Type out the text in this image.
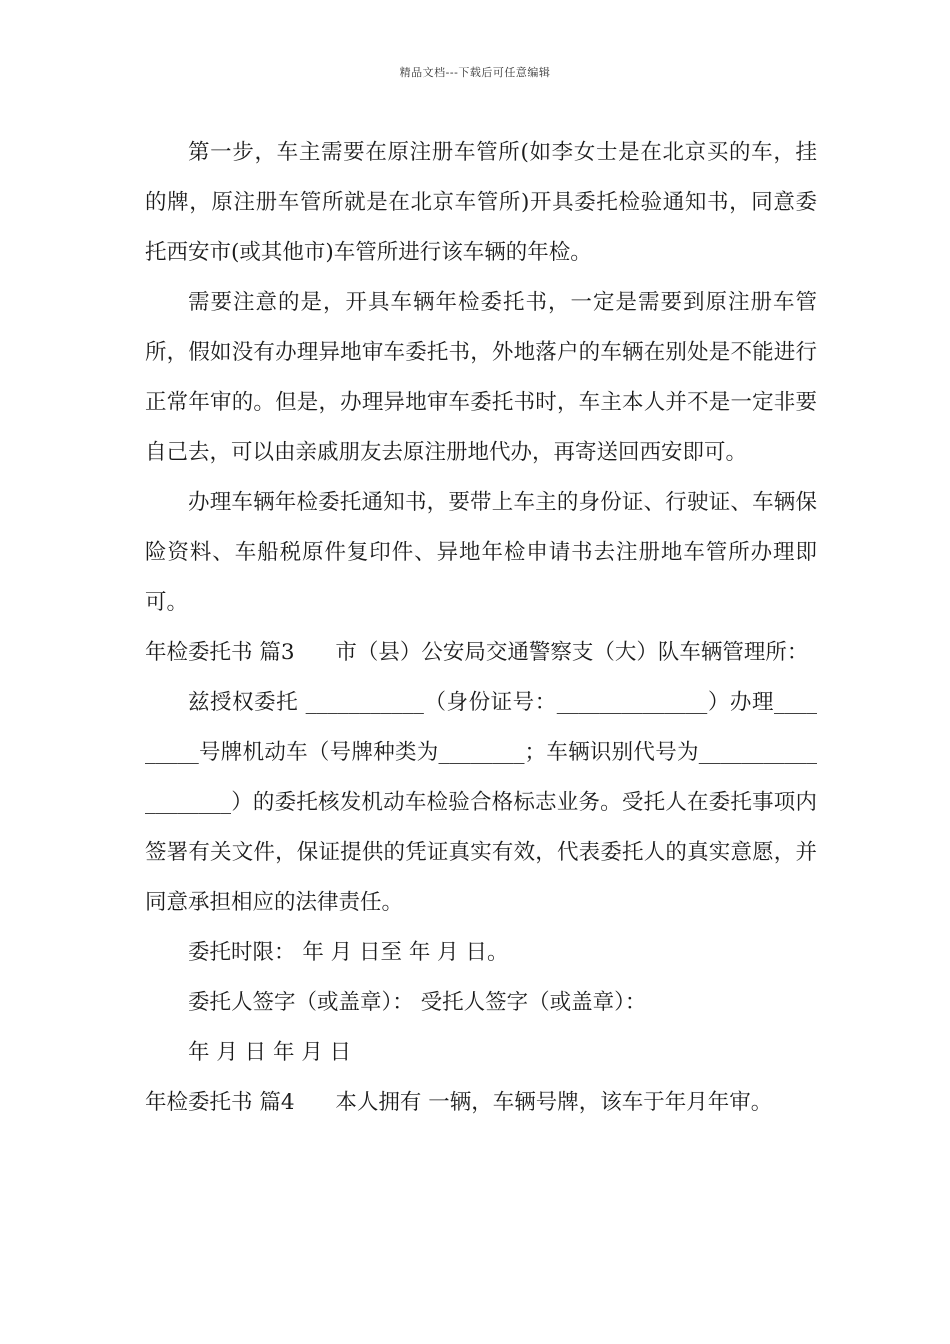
精品文档---下载后可任意编辑

第一步，车主需要在原注册车管所(如李女士是在北京买的车，挂的牌，原注册车管所就是在北京车管所)开具委托检验通知书，同意委托西安市(或其他市)车管所进行该车辆的年检。

需要注意的是，开具车辆年检委托书，一定是需要到原注册车管所，假如没有办理异地审车委托书，外地落户的车辆在别处是不能进行正常年审的。但是，办理异地审车委托书时，车主本人并不是一定非要自己去，可以由亲戚朋友去原注册地代办，再寄送回西安即可。

办理车辆年检委托通知书，要带上车主的身份证、行驶证、车辆保险资料、车船税原件复印件、异地年检申请书去注册地车管所办理即可。

年检委托书 篇3 市（县）公安局交通警察支（大）队车辆管理所：

兹授权委托 ___________（身份证号：______________）办理_________号牌机动车（号牌种类为________；车辆识别代号为___________________）的委托核发机动车检验合格标志业务。受托人在委托事项内签署有关文件，保证提供的凭证真实有效，代表委托人的真实意愿，并同意承担相应的法律责任。

委托时限： 年 月 日至 年 月 日。

委托人签字（或盖章）： 受托人签字（或盖章）：

年 月 日 年 月 日

年检委托书 篇4 本人拥有 一辆，车辆号牌，该车于年月年审。
